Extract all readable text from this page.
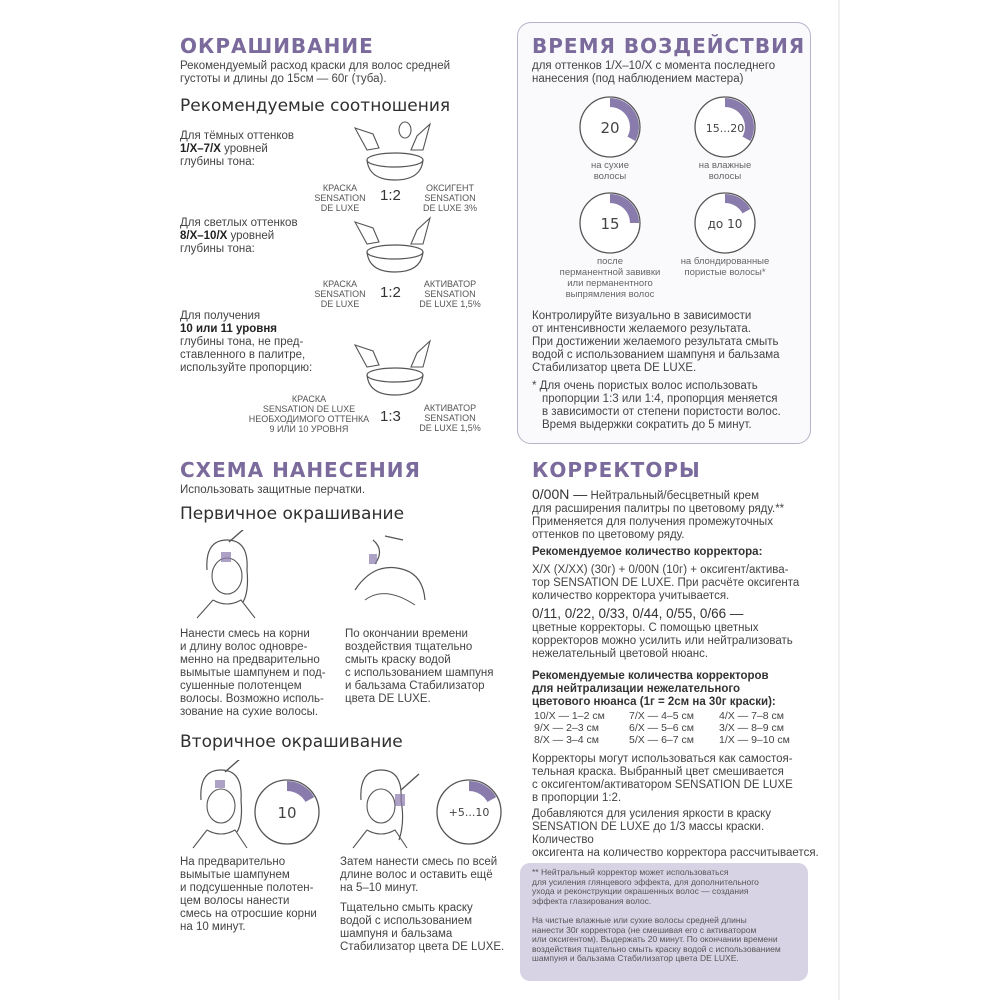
ОКРАШИВАНИЕ
Рекомендуемый расход краски для волос средней
густоты и длины до 15см — 60г (туба).
Рекомендуемые соотношения
Для тёмных оттенков
1/Х–7/Х уровней
глубины тона:
КРАСКА
SENSATION
DE LUXE
1:2	ОКСИГЕНТ
SENSATION
DE LUXE 3%
Для светлых оттенков
8/Х–10/Х уровней
глубины тона:
КРАСКА
SENSATION
DE LUXE
1:2	АКТИВАТОР
SENSATION
DE LUXE 1,5%
Для получения
10 или 11 уровня
глубины тона, не пред-
ставленного в палитре,
используйте пропорцию:
КРАСКА
SENSATION DE LUXE
НЕОБХОДИМОГО ОТТЕНКА
9 ИЛИ 10 УРОВНЯ
1:3	АКТИВАТОР
SENSATION
DE LUXE 1,5%
ВРЕМЯ ВОЗДЕЙСТВИЯ
для оттенков 1/Х–10/Х с момента последнего
нанесения (под наблюдением мастера)
20
на сухие
волосы
15...20
на влажные
волосы
15
после
перманентной завивки
или перманентного
выпрямления волос
до 10
на блондированные
пористые волосы*
Контролируйте визуально в зависимости
от интенсивности желаемого результата.
При достижении желаемого результата смыть
водой с использованием шампуня и бальзама
Стабилизатор цвета DE LUXE.
* Для очень пористых волос использовать
пропорции 1:3 или 1:4, пропорция меняется
в зависимости от степени пористости волос.
Время выдержки сократить до 5 минут.
СХЕМА НАНЕСЕНИЯ
Использовать защитные перчатки.
Первичное окрашивание
Нанести смесь на корни
и длину волос одновре-
менно на предварительно
вымытые шампунем и под-
сушенные полотенцем
волосы. Возможно исполь-
зование на сухие волосы.
По окончании времени
воздействия тщательно
смыть краску водой
с использованием шампуня
и бальзама Стабилизатор
цвета DE LUXE.
Вторичное окрашивание
10	+5...10
На предварительно
вымытые шампунем
и подсушенные полотен-
цем волосы нанести
смесь на отросшие корни
на 10 минут.
Затем нанести смесь по всей
длине волос и оставить ещё
на 5–10 минут.
Тщательно смыть краску
водой с использованием
шампуня и бальзама
Стабилизатор цвета DE LUXE.
КОРРЕКТОРЫ
0/00N — Нейтральный/бесцветный крем
для расширения палитры по цветовому ряду.**
Применяется для получения промежуточных
оттенков по цветовому ряду.
Рекомендуемое количество корректора:
Х/Х (Х/ХХ) (30г) + 0/00N (10г) + оксигент/актива-
тор SENSATION DE LUXE. При расчёте оксигента
количество корректора учитывается.
0/11, 0/22, 0/33, 0/44, 0/55, 0/66 —
цветные корректоры. С помощью цветных
корректоров можно усилить или нейтрализовать
нежелательный цветовой нюанс.
Рекомендуемые количества корректоров
для нейтрализации нежелательного
цветового нюанса (1г = 2см на 30г краски):
10/Х — 1–2 см	7/Х — 4–5 см	4/Х — 7–8 см
9/Х — 2–3 см	6/Х — 5–6 см	3/Х — 8–9 см
8/Х — 3–4 см	5/Х — 6–7 см	1/Х — 9–10 см
Корректоры могут использоваться как самостоя-
тельная краска. Выбранный цвет смешивается
с оксигентом/активатором SENSATION DE LUXE
в пропорции 1:2.
Добавляются для усиления яркости в краску
SENSATION DE LUXE до 1/3 массы краски. Количество
оксигента на количество корректора рассчитывается.
** Нейтральный корректор может использоваться
для усиления глянцевого эффекта, для дополнительного
ухода и реконструкции окрашенных волос — создания
эффекта глазирования волос.
На чистые влажные или сухие волосы средней длины
нанести 30г корректора (не смешивая его с активатором
или оксигентом). Выдержать 20 минут. По окончании времени
воздействия тщательно смыть краску водой с использованием
шампуня и бальзама Стабилизатор цвета DE LUXE.
